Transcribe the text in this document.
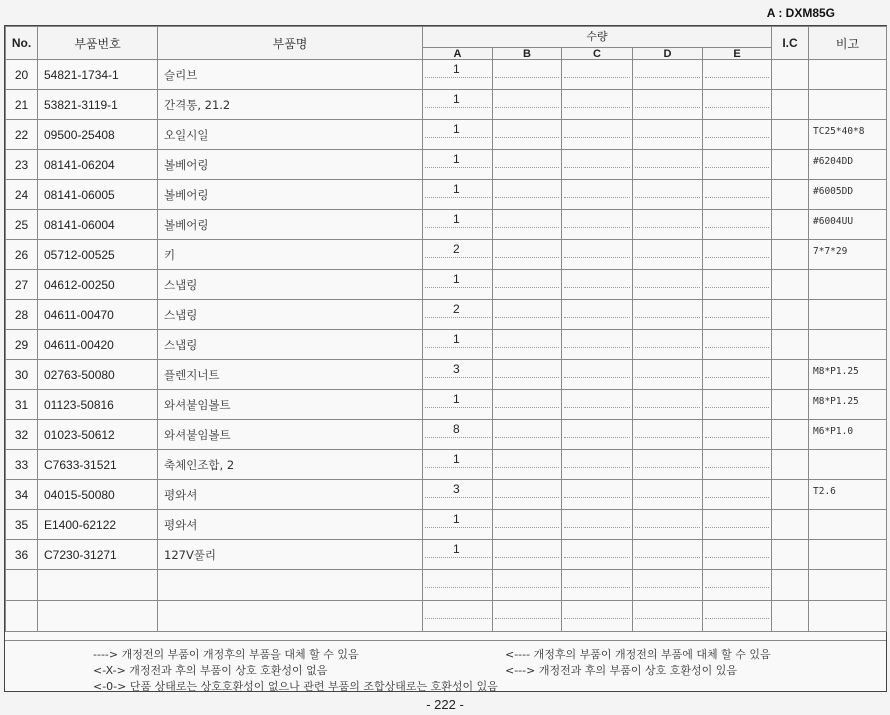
A : DXM85G
No.	부품번호	부품명	수량					I.C	비고
			A	B	C	D	E		
20	54821-1734-1	슬리브	1						

21	53821-3119-1	간격통, 21.2	1						

22	09500-25408	오일시일	1						TC25*40*8
23	08141-06204	볼베어링	1						#6204DD
24	08141-06005	볼베어링	1						#6005DD
25	08141-06004	볼베어링	1						#6004UU
26	05712-00525	키	2						7*7*29
27	04612-00250	스냅링	1						

28	04611-00470	스냅링	2						

29	04611-00420	스냅링	1						

30	02763-50080	플렌지너트	3						M8*P1.25
31	01123-50816	와셔붙임볼트	1						M8*P1.25
32	01023-50612	와셔붙임볼트	8						M6*P1.0
33	C7633-31521	축체인조합, 2	1						

34	04015-50080	평와셔	3						T2.6
35	E1400-62122	평와셔	1						

36	C7230-31271	127V풀리	1						

----> 개정전의 부품이 개정후의 부품을 대체 할 수 있음	<---- 개정후의 부품이 개정전의 부품에 대체 할 수 있음
<-X-> 개정전과 후의 부품이 상호 호환성이 없음	<---> 개정전과 후의 부품이 상호 호환성이 있음
<-0-> 단품 상태로는 상호호환성이 없으나 관련 부품의 조합상태로는 호환성이 있음
- 222 -
